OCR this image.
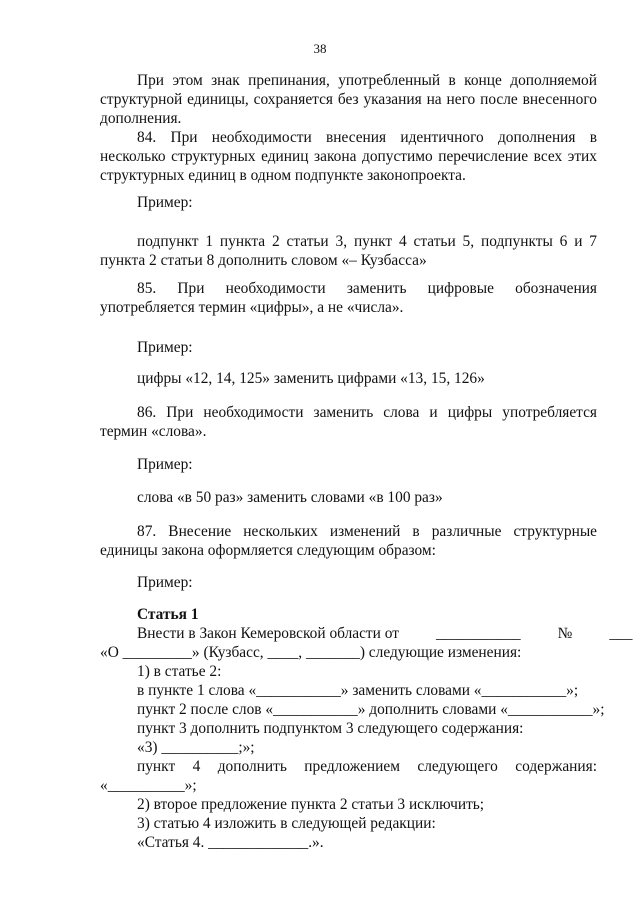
38
При этом знак препинания, употребленный в конце дополняемой структурной единицы, сохраняется без указания на него после внесенного дополнения.
84. При необходимости внесения идентичного дополнения в несколько структурных единиц закона допустимо перечисление всех этих структурных единиц в одном подпункте законопроекта.
Пример:
подпункт 1 пункта 2 статьи 3, пункт 4 статьи 5, подпункты 6 и 7 пункта 2 статьи 8 дополнить словом «– Кузбасса»
85. При необходимости заменить цифровые обозначения употребляется термин «цифры», а не «числа».
Пример:
цифры «12, 14, 125» заменить цифрами «13, 15, 126»
86. При необходимости заменить слова и цифры употребляется термин «слова».
Пример:
слова «в 50 раз» заменить словами «в 100 раз»
87. Внесение нескольких изменений в различные структурные единицы закона оформляется следующим образом:
Пример:
Статья 1
Внести в Закон Кемеровской области от	___________	№	___
«О _________» (Кузбасс, ____, _______) следующие изменения:
1) в статье 2:
в пункте 1 слова «___________» заменить словами «___________»;
пункт 2 после слов «___________» дополнить словами «___________»;
пункт 3 дополнить подпунктом 3 следующего содержания:
«3) __________;»;
пункт 4 дополнить предложением следующего содержания:
«__________»;
2) второе предложение пункта 2 статьи 3 исключить;
3) статью 4 изложить в следующей редакции:
«Статья 4. _____________.».
